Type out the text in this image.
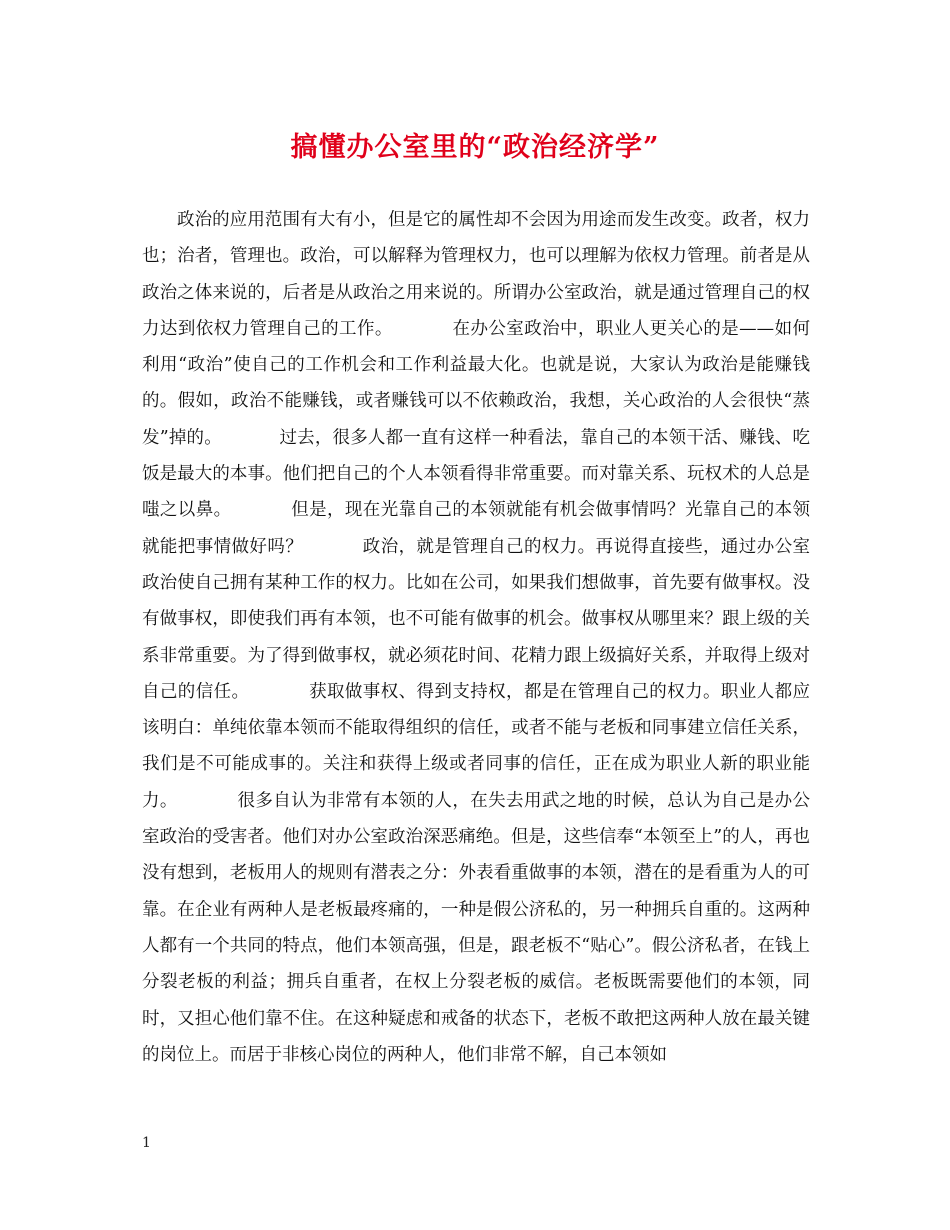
搞懂办公室里的“政治经济学”

政治的应用范围有大有小，但是它的属性却不会因为用途而发生改变。政者，权力也；治者，管理也。政治，可以解释为管理权力，也可以理解为依权力管理。前者是从政治之体来说的，后者是从政治之用来说的。所谓办公室政治，就是通过管理自己的权力达到依权力管理自己的工作。          在办公室政治中，职业人更关心的是——如何利用“政治”使自己的工作机会和工作利益最大化。也就是说，大家认为政治是能赚钱的。假如，政治不能赚钱，或者赚钱可以不依赖政治，我想，关心政治的人会很快“蒸发”掉的。          过去，很多人都一直有这样一种看法，靠自己的本领干活、赚钱、吃饭是最大的本事。他们把自己的个人本领看得非常重要。而对靠关系、玩权术的人总是嗤之以鼻。          但是，现在光靠自己的本领就能有机会做事情吗？光靠自己的本领就能把事情做好吗？          政治，就是管理自己的权力。再说得直接些，通过办公室政治使自己拥有某种工作的权力。比如在公司，如果我们想做事，首先要有做事权。没有做事权，即使我们再有本领，也不可能有做事的机会。做事权从哪里来？跟上级的关系非常重要。为了得到做事权，就必须花时间、花精力跟上级搞好关系，并取得上级对自己的信任。          获取做事权、得到支持权，都是在管理自己的权力。职业人都应该明白：单纯依靠本领而不能取得组织的信任，或者不能与老板和同事建立信任关系，我们是不可能成事的。关注和获得上级或者同事的信任，正在成为职业人新的职业能力。          很多自认为非常有本领的人，在失去用武之地的时候，总认为自己是办公室政治的受害者。他们对办公室政治深恶痛绝。但是，这些信奉“本领至上”的人，再也没有想到，老板用人的规则有潜表之分：外表看重做事的本领，潜在的是看重为人的可靠。在企业有两种人是老板最疼痛的，一种是假公济私的，另一种拥兵自重的。这两种人都有一个共同的特点，他们本领高强，但是，跟老板不“贴心”。假公济私者，在钱上分裂老板的利益；拥兵自重者，在权上分裂老板的威信。老板既需要他们的本领，同时，又担心他们靠不住。在这种疑虑和戒备的状态下，老板不敢把这两种人放在最关键的岗位上。而居于非核心岗位的两种人，他们非常不解，自己本领如

1
